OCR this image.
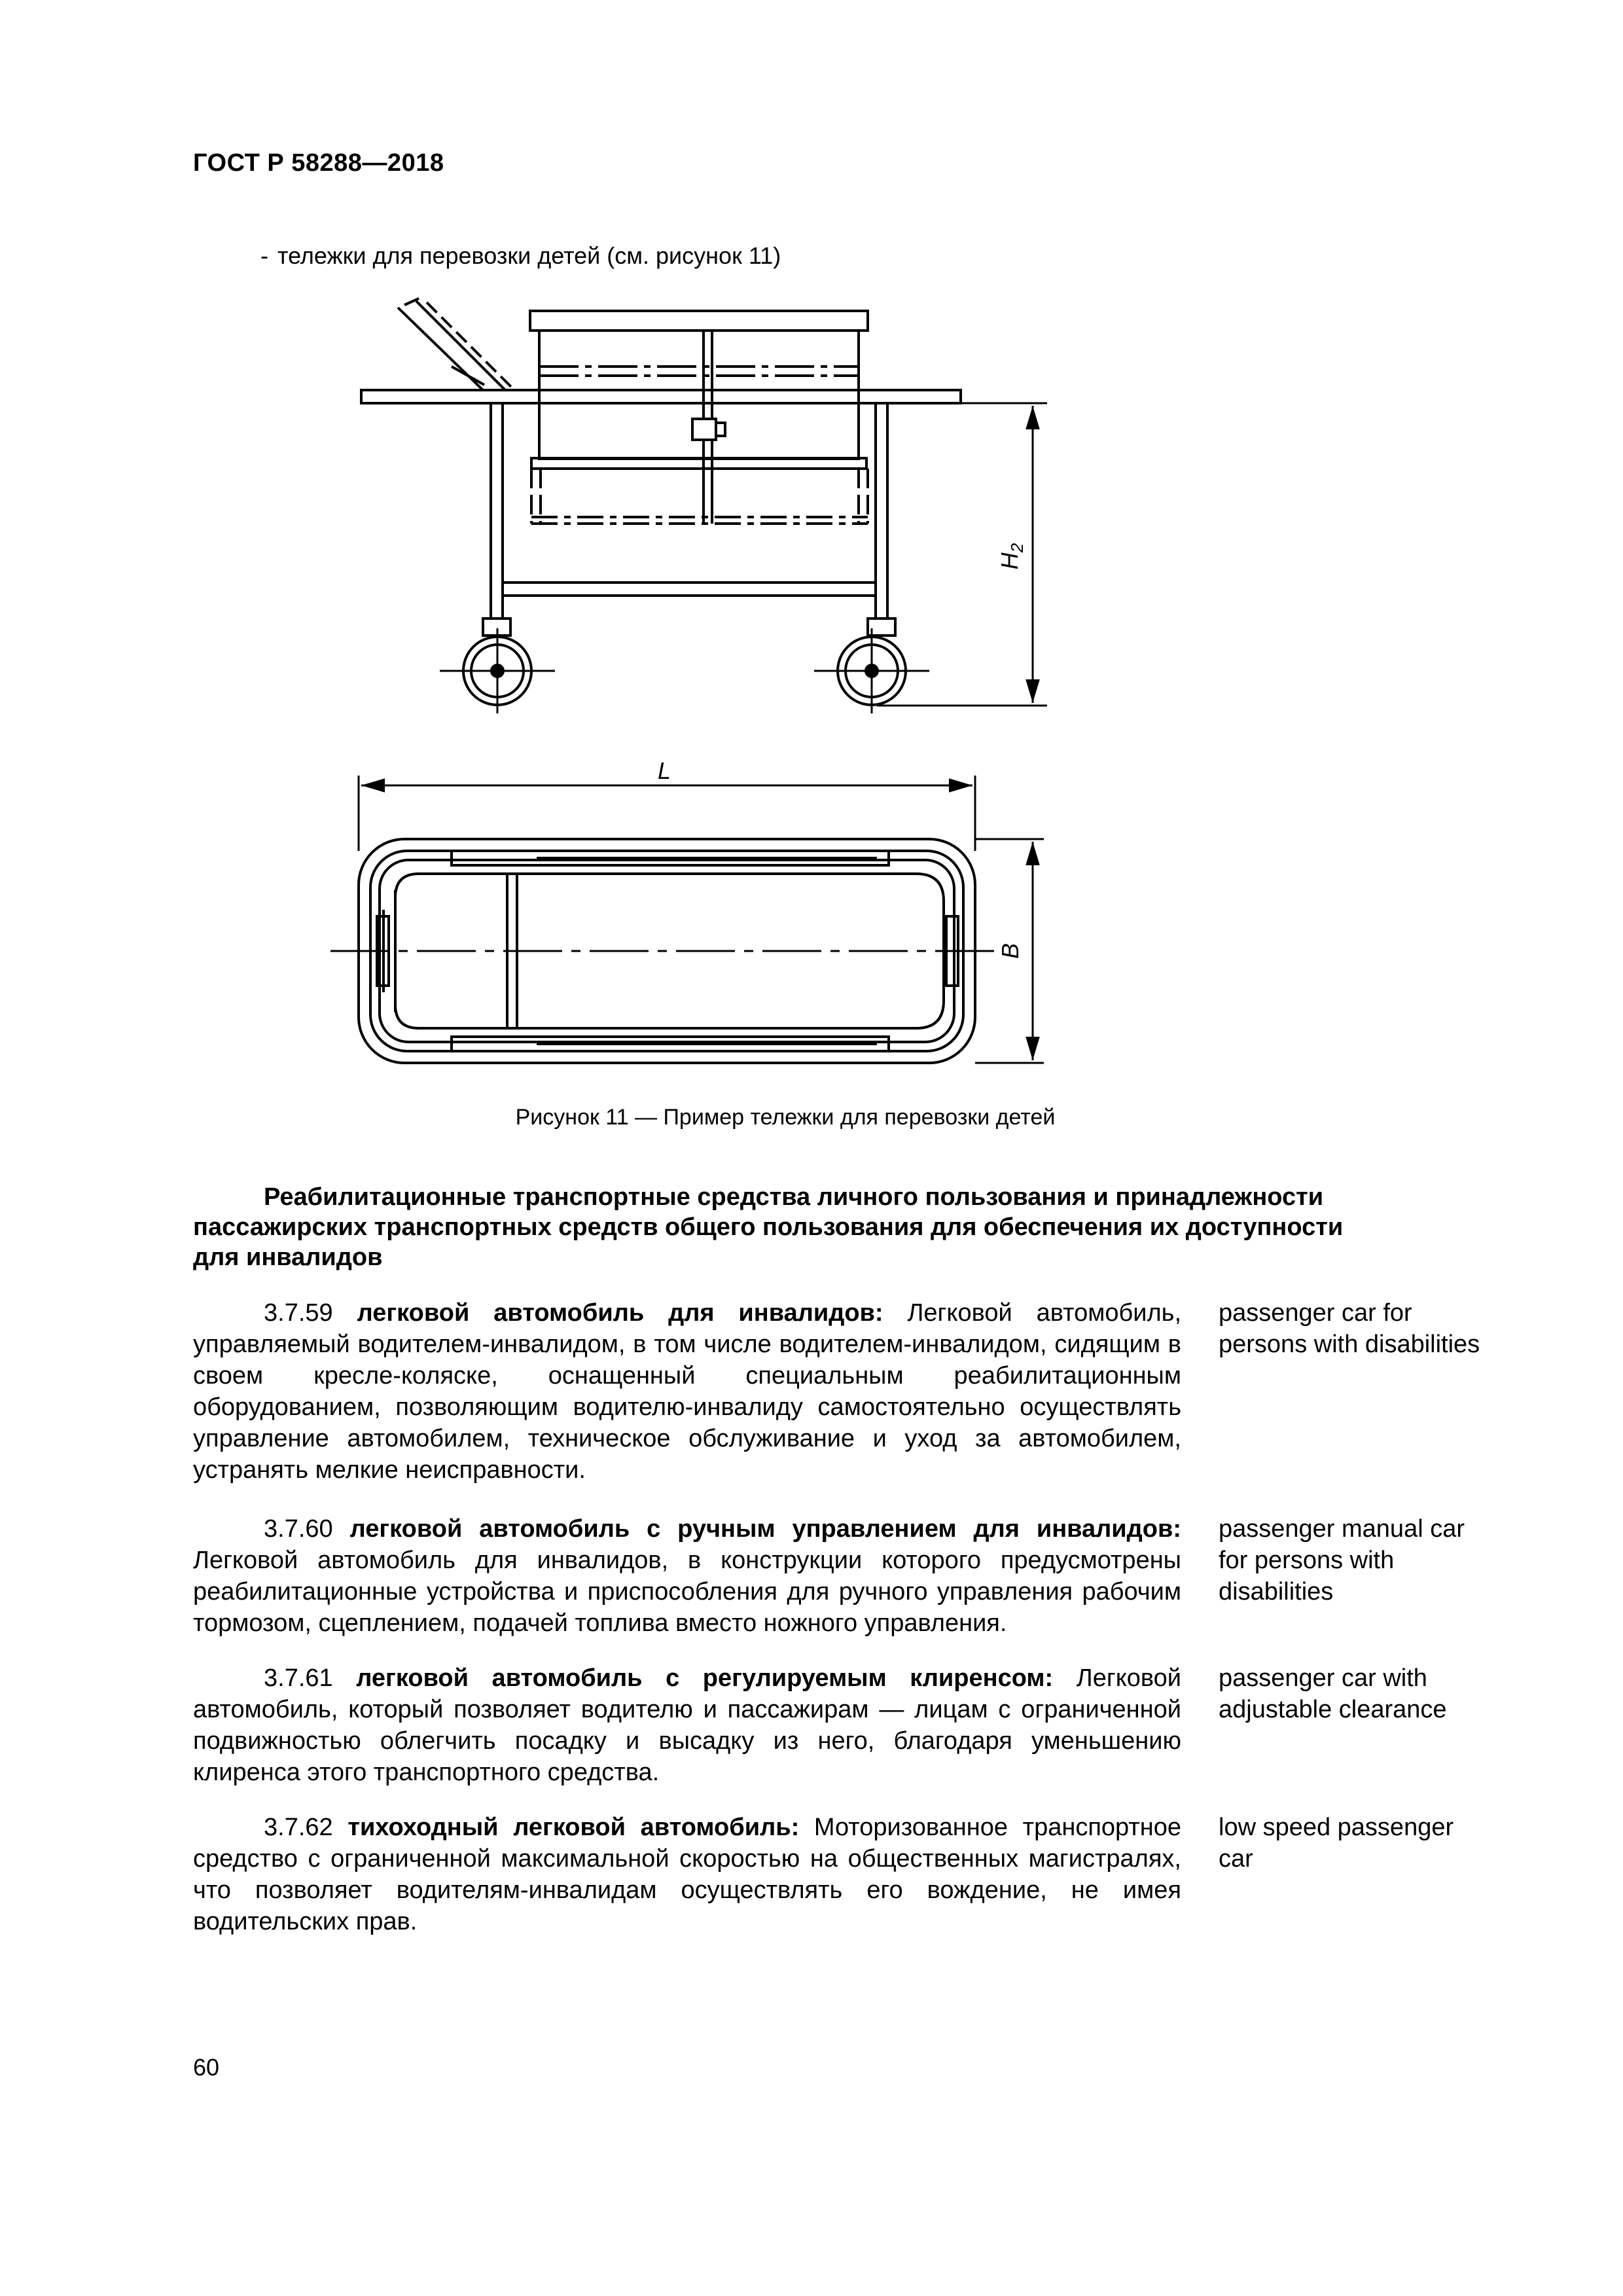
ГОСТ Р 58288—2018
- тележки для перевозки детей (см. рисунок 11)
$H_2$
L
B
Рисунок 11 — Пример тележки для перевозки детей
Реабилитационные транспортные средства личного пользования и принадлежности
пассажирских транспортных средств общего пользования для обеспечения их доступности
для инвалидов

3.7.59 легковой автомобиль для инвалидов: Легковой автомобиль, управляемый водителем-инвалидом, в том числе водителем-инвалидом, сидящим в своем кресле-коляске, оснащенный специальным реабилитационным оборудованием, позволяющим водителю-инвалиду самостоятельно осуществлять управление автомобилем, техническое обслуживание и уход за автомобилем, устранять мелкие неисправности.

passenger car for persons with disabilities

3.7.60 легковой автомобиль с ручным управлением для инвалидов: Легковой автомобиль для инвалидов, в конструкции которого предусмотрены реабилитационные устройства и приспособления для ручного управления рабочим тормозом, сцеплением, подачей топлива вместо ножного управления.

passenger manual car for persons with disabilities

3.7.61 легковой автомобиль с регулируемым клиренсом: Легковой автомобиль, который позволяет водителю и пассажирам — лицам с ограниченной подвижностью облегчить посадку и высадку из него, благодаря уменьшению клиренса этого транспортного средства.

passenger car with adjustable clearance

3.7.62 тихоходный легковой автомобиль: Моторизованное транспортное средство с ограниченной максимальной скоростью на общественных магистралях, что позволяет водителям-инвалидам осуществлять его вождение, не имея водительских прав.

low speed passenger car
60
